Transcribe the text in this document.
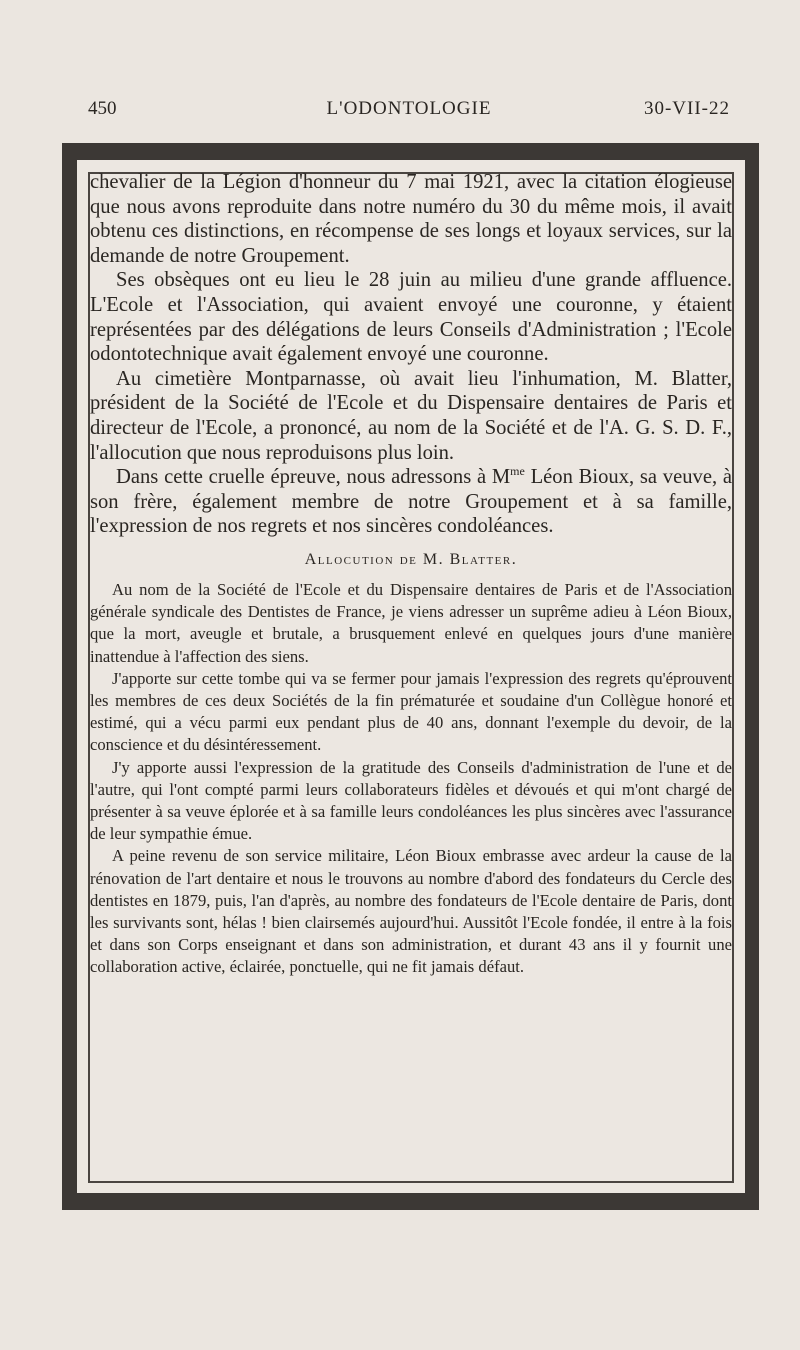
450	L'ODONTOLOGIE	30-VII-22

chevalier de la Légion d'honneur du 7 mai 1921, avec la citation élogieuse que nous avons reproduite dans notre numéro du 30 du même mois, il avait obtenu ces distinctions, en récompense de ses longs et loyaux services, sur la demande de notre Groupement.

Ses obsèques ont eu lieu le 28 juin au milieu d'une grande affluence. L'Ecole et l'Association, qui avaient envoyé une couronne, y étaient représentées par des délégations de leurs Conseils d'Administration ; l'Ecole odontotechnique avait également envoyé une couronne.

Au cimetière Montparnasse, où avait lieu l'inhumation, M. Blatter, président de la Société de l'Ecole et du Dispensaire dentaires de Paris et directeur de l'Ecole, a prononcé, au nom de la Société et de l'A. G. S. D. F., l'allocution que nous reproduisons plus loin.

Dans cette cruelle épreuve, nous adressons à $M^{me}$ Léon Bioux, sa veuve, à son frère, également membre de notre Groupement et à sa famille, l'expression de nos regrets et nos sincères condoléances.

Allocution de M. Blatter.

Au nom de la Société de l'Ecole et du Dispensaire dentaires de Paris et de l'Association générale syndicale des Dentistes de France, je viens adresser un suprême adieu à Léon Bioux, que la mort, aveugle et brutale, a brusquement enlevé en quelques jours d'une manière inattendue à l'affection des siens.

J'apporte sur cette tombe qui va se fermer pour jamais l'expression des regrets qu'éprouvent les membres de ces deux Sociétés de la fin prématurée et soudaine d'un Collègue honoré et estimé, qui a vécu parmi eux pendant plus de 40 ans, donnant l'exemple du devoir, de la conscience et du désintéressement.

J'y apporte aussi l'expression de la gratitude des Conseils d'administration de l'une et de l'autre, qui l'ont compté parmi leurs collaborateurs fidèles et dévoués et qui m'ont chargé de présenter à sa veuve éplorée et à sa famille leurs condoléances les plus sincères avec l'assurance de leur sympathie émue.

A peine revenu de son service militaire, Léon Bioux embrasse avec ardeur la cause de la rénovation de l'art dentaire et nous le trouvons au nombre d'abord des fondateurs du Cercle des dentistes en 1879, puis, l'an d'après, au nombre des fondateurs de l'Ecole dentaire de Paris, dont les survivants sont, hélas ! bien clairsemés aujourd'hui. Aussitôt l'Ecole fondée, il entre à la fois et dans son Corps enseignant et dans son administration, et durant 43 ans il y fournit une collaboration active, éclairée, ponctuelle, qui ne fit jamais défaut.
